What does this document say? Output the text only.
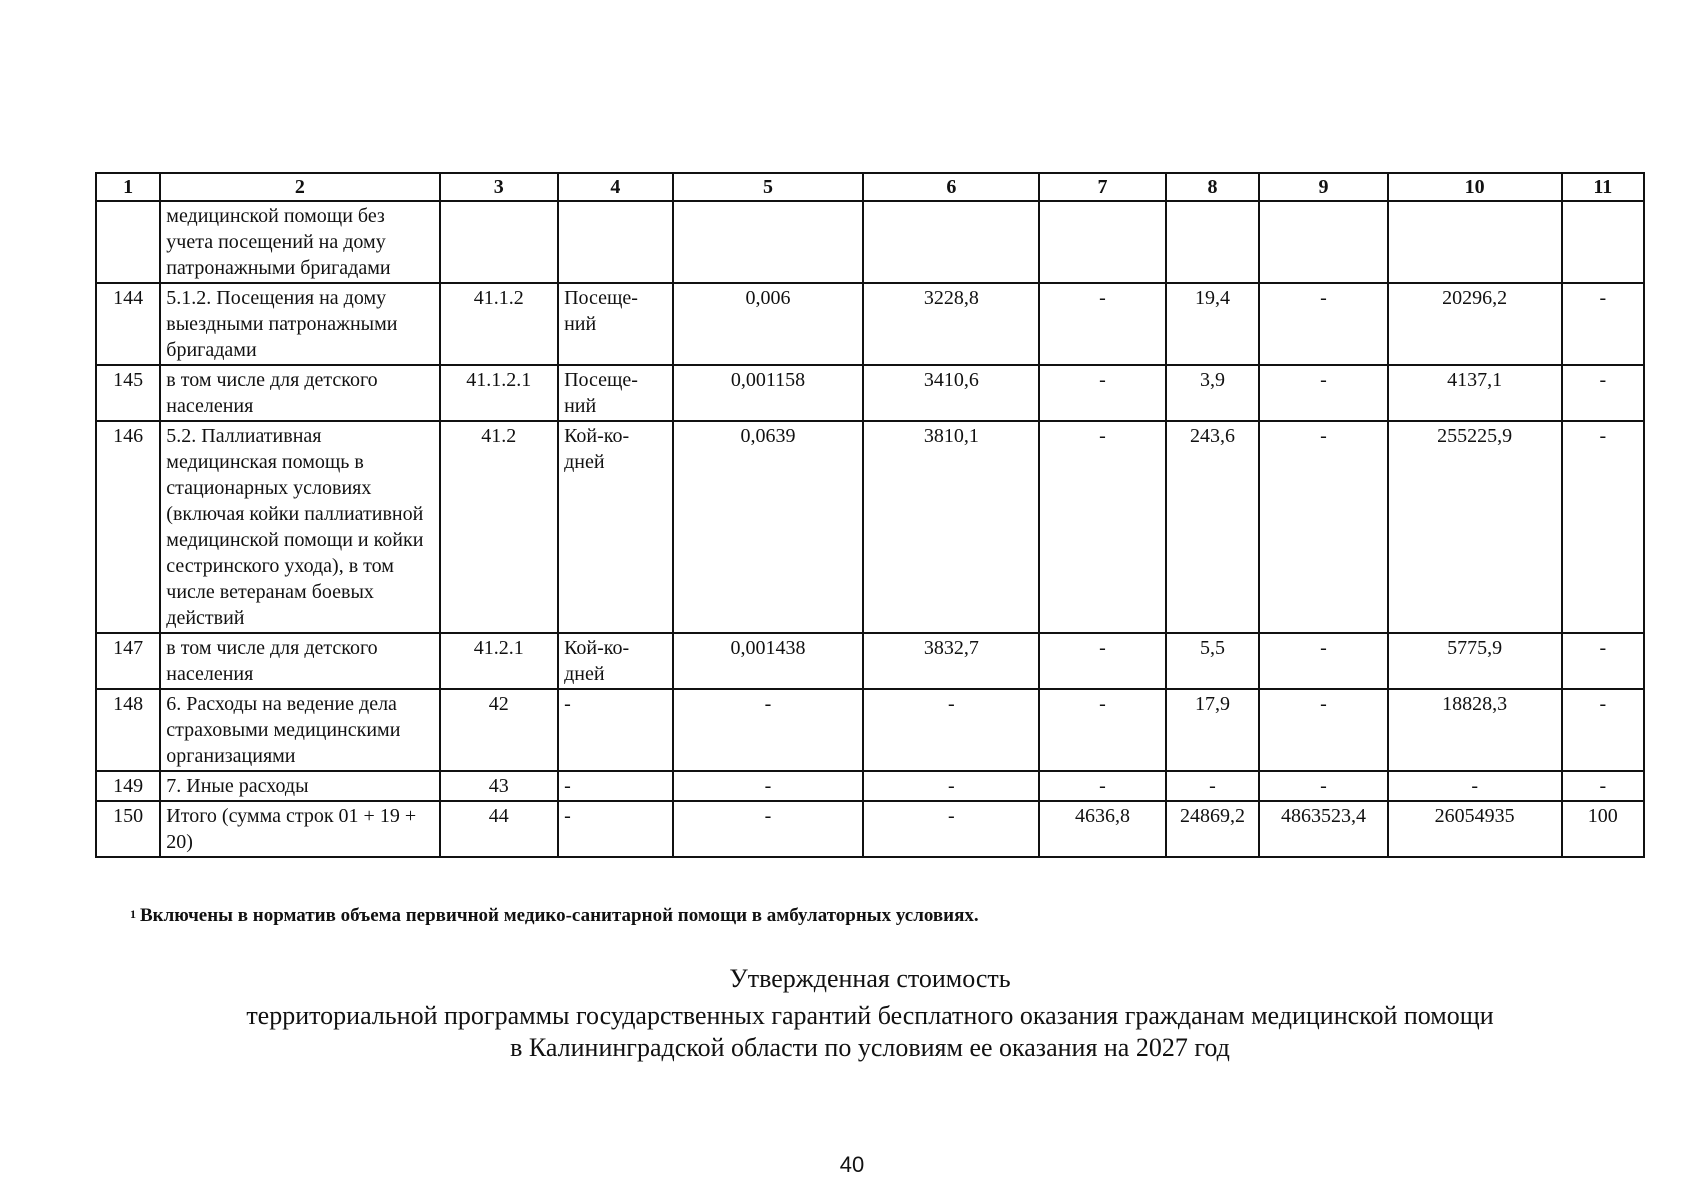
1	2	3	4	5	6	7	8	9	10	11
	медицинской помощи без учета посещений на дому патронажными бригадами									
144	5.1.2. Посещения на дому выездными патронажными бригадами	41.1.2	Посеще-ний	0,006	3228,8	-	19,4	-	20296,2	-
145	в том числе для детского населения	41.1.2.1	Посеще-ний	0,001158	3410,6	-	3,9	-	4137,1	-
146	5.2. Паллиативная медицинская помощь в стационарных условиях (включая койки паллиативной медицинской помощи и койки сестринского ухода), в том числе ветеранам боевых действий	41.2	Кой-ко-дней	0,0639	3810,1	-	243,6	-	255225,9	-
147	в том числе для детского населения	41.2.1	Кой-ко-дней	0,001438	3832,7	-	5,5	-	5775,9	-
148	6. Расходы на ведение дела страховыми медицинскими организациями	42	-	-	-	-	17,9	-	18828,3	-
149	7. Иные расходы	43	-	-	-	-	-	-	-	-
150	Итого (сумма строк 01 + 19 + 20)	44	-	-	-	4636,8	24869,2	4863523,4	26054935	100
$^1$ Включены в норматив объема первичной медико-санитарной помощи в амбулаторных условиях.
Утвержденная стоимость
территориальной программы государственных гарантий бесплатного оказания гражданам медицинской помощи
в Калининградской области по условиям ее оказания на 2027 год
40
